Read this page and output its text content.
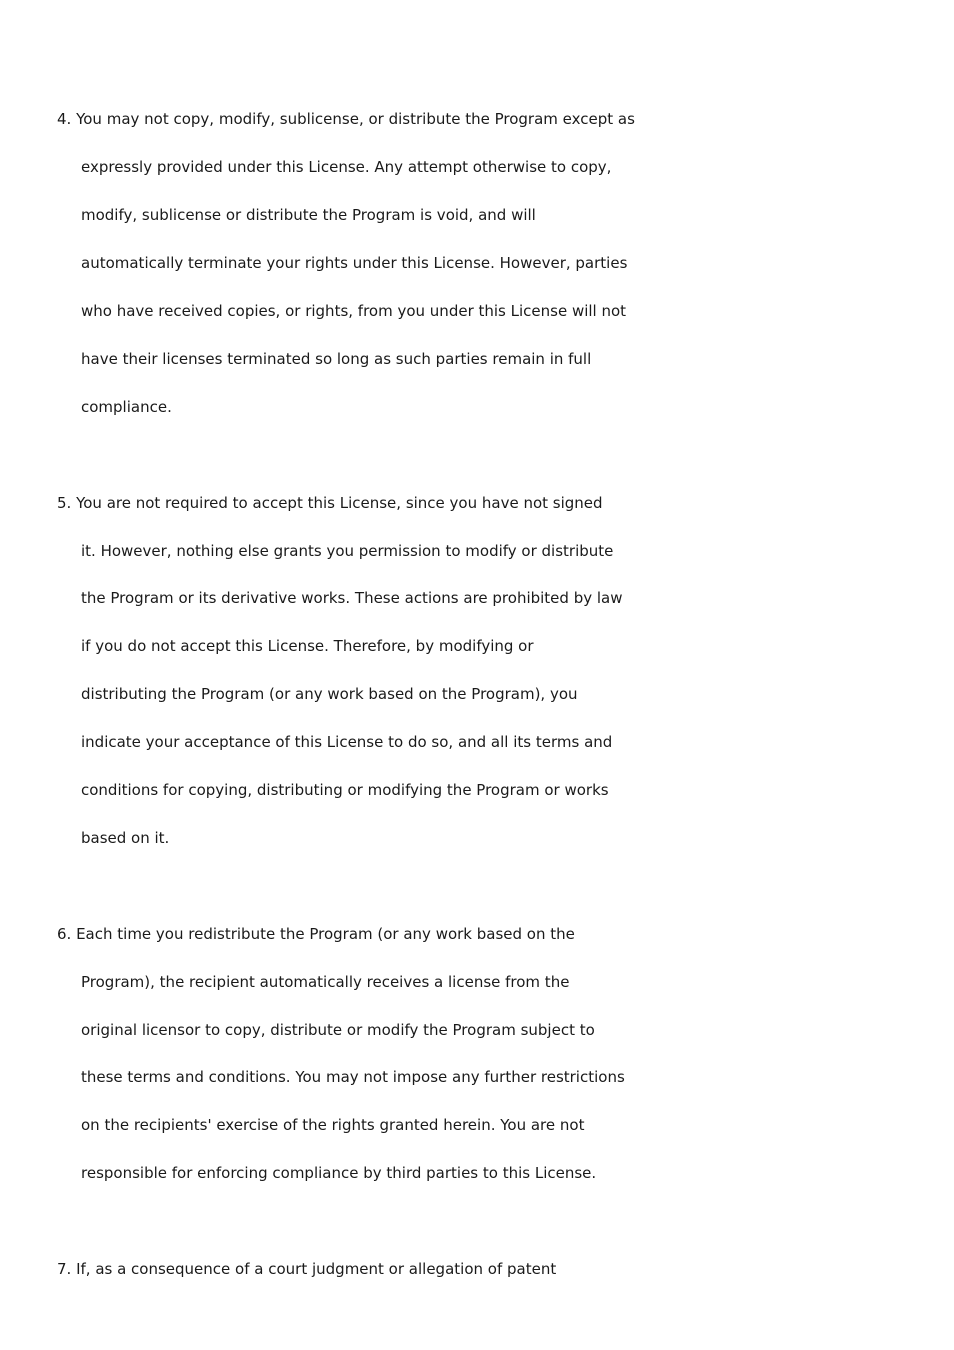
4. You may not copy, modify, sublicense, or distribute the Program except as
expressly provided under this License. Any attempt otherwise to copy,
modify, sublicense or distribute the Program is void, and will
automatically terminate your rights under this License. However, parties
who have received copies, or rights, from you under this License will not
have their licenses terminated so long as such parties remain in full
compliance.
5. You are not required to accept this License, since you have not signed
it. However, nothing else grants you permission to modify or distribute
the Program or its derivative works. These actions are prohibited by law
if you do not accept this License. Therefore, by modifying or
distributing the Program (or any work based on the Program), you
indicate your acceptance of this License to do so, and all its terms and
conditions for copying, distributing or modifying the Program or works
based on it.
6. Each time you redistribute the Program (or any work based on the
Program), the recipient automatically receives a license from the
original licensor to copy, distribute or modify the Program subject to
these terms and conditions. You may not impose any further restrictions
on the recipients' exercise of the rights granted herein. You are not
responsible for enforcing compliance by third parties to this License.
7. If, as a consequence of a court judgment or allegation of patent
